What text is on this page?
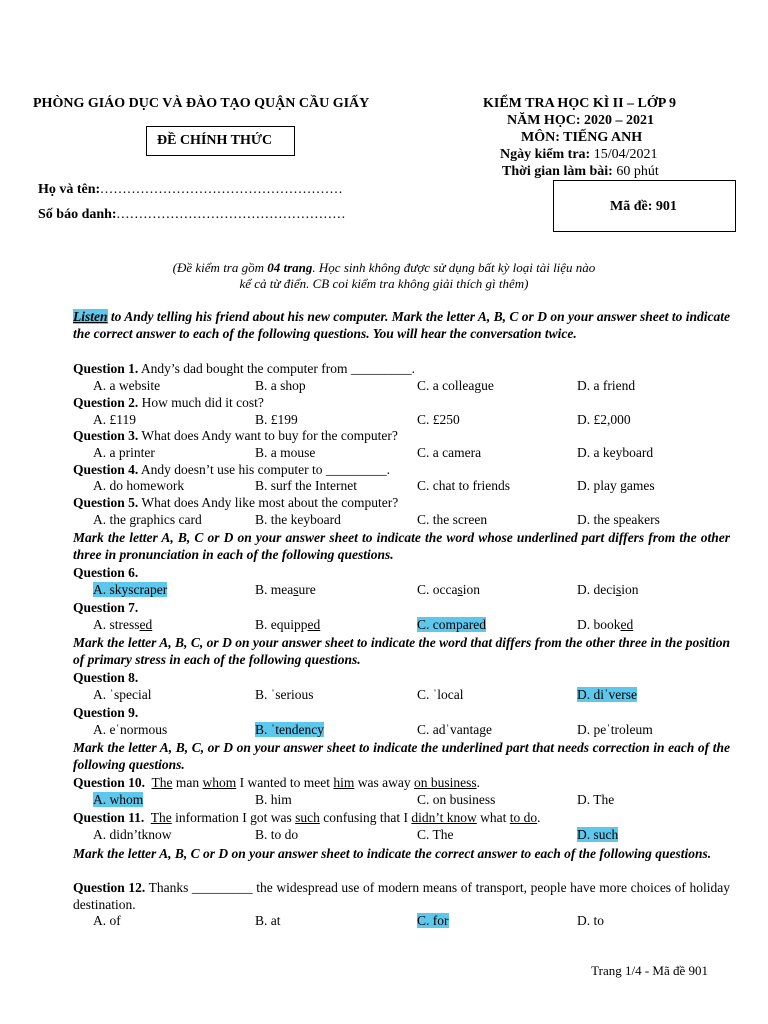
PHÒNG GIÁO DỤC VÀ ĐÀO TẠO QUẬN CẦU GIẤY
ĐỀ CHÍNH THỨC
KIỂM TRA HỌC KÌ II – LỚP 9
NĂM HỌC: 2020 – 2021
MÔN: TIẾNG ANH
Ngày kiểm tra: 15/04/2021
Thời gian làm bài: 60 phút
Họ và tên:......................................................
Số báo danh:...................................................
Mã đề: 901
(Đề kiểm tra gồm 04 trang. Học sinh không được sử dụng bất kỳ loại tài liệu nào
kể cả từ điển. CB coi kiểm tra không giải thích gì thêm)
Listen to Andy telling his friend about his new computer. Mark the letter A, B, C or D on your answer sheet to indicate the correct answer to each of the following questions. You will hear the conversation twice.
Question 1. Andy’s dad bought the computer from _________.
A. a website	B. a shop	C. a colleague	D. a friend
Question 2. How much did it cost?
A. £119	B. £199	C. £250	D. £2,000
Question 3. What does Andy want to buy for the computer?
A. a printer	B. a mouse	C. a camera	D. a keyboard
Question 4. Andy doesn’t use his computer to _________.
A. do homework	B. surf the Internet	C. chat to friends	D. play games
Question 5. What does Andy like most about the computer?
A. the graphics card	B. the keyboard	C. the screen	D. the speakers
Mark the letter A, B, C or D on your answer sheet to indicate the word whose underlined part differs from the other three in pronunciation in each of the following questions.
Question 6.
A. skyscraper	B. measure	C. occasion	D. decision
Question 7.
A. stressed	B. equipped	C. compared	D. booked
Mark the letter A, B, C, or D on your answer sheet to indicate the word that differs from the other three in the position of primary stress in each of the following questions.
Question 8.
A. ˈspecial	B. ˈserious	C. ˈlocal	D. diˈverse
Question 9.
A. eˈnormous	B. ˈtendency	C. adˈvantage	D. peˈtroleum
Mark the letter A, B, C, or D on your answer sheet to indicate the underlined part that needs correction in each of the following questions.
Question 10. The man whom I wanted to meet him was away on business.
A. whom	B. him	C. on business	D. The
Question 11. The information I got was such confusing that I didn’t know what to do.
A. didn’tknow	B. to do	C. The	D. such
Mark the letter A, B, C or D on your answer sheet to indicate the correct answer to each of the following questions.
Question 12. Thanks _________ the widespread use of modern means of transport, people have more choices of holiday destination.
A. of	B. at	C. for	D. to
Trang 1/4 - Mã đề 901
